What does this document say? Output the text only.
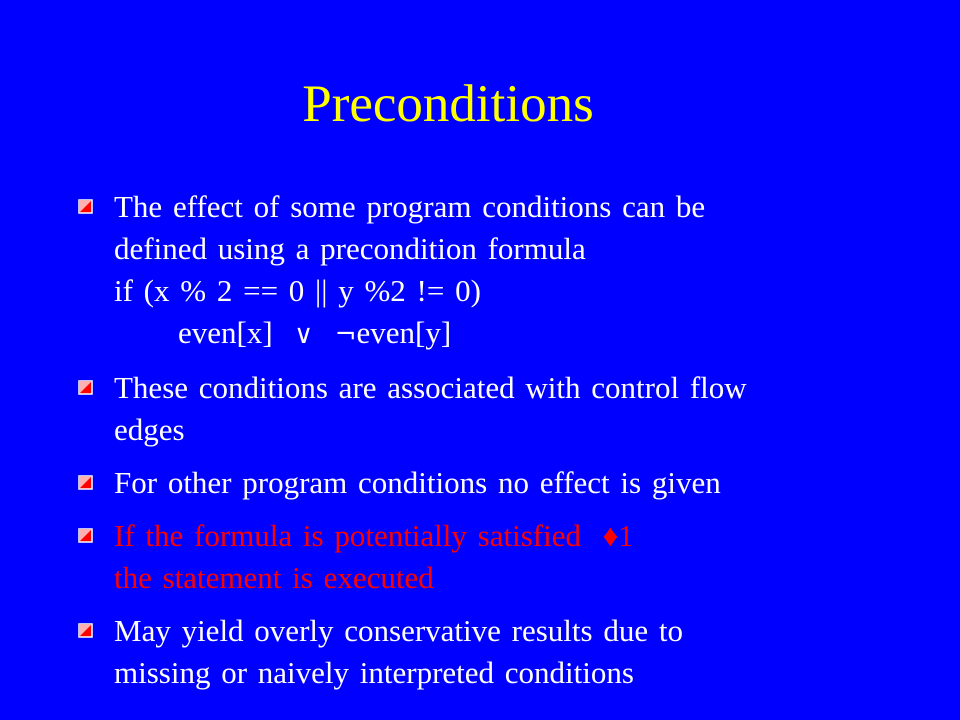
Preconditions
The effect of some program conditions can be
defined using a precondition formula
if (x % 2 == 0 || y %2 != 0)
even[x] ∨ ¬even[y]
These conditions are associated with control flow
edges
For other program conditions no effect is given
If the formula is potentially satisfied ♦1
the statement is executed
May yield overly conservative results due to
missing or naively interpreted conditions
